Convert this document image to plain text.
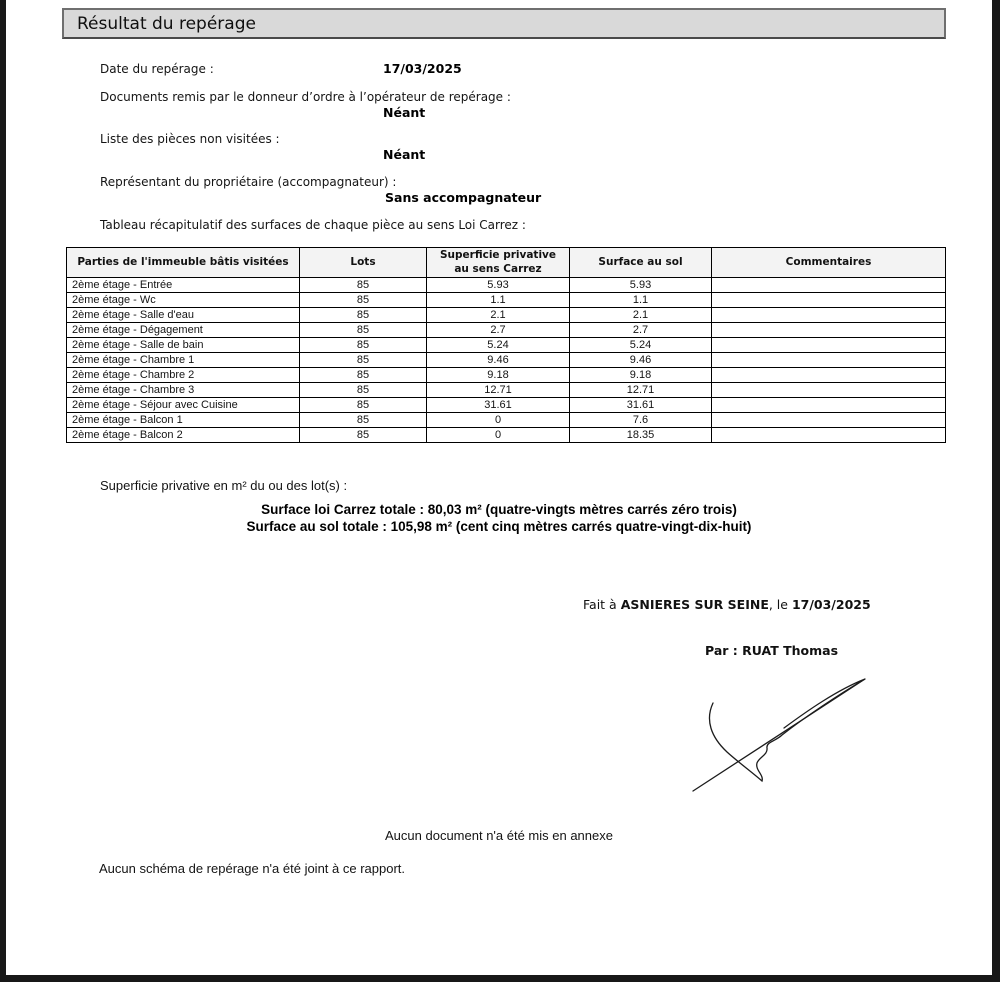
Résultat du repérage
Date du repérage :	17/03/2025
Documents remis par le donneur d’ordre à l’opérateur de repérage :
Néant
Liste des pièces non visitées :
Néant
Représentant du propriétaire (accompagnateur) :
Sans accompagnateur
Tableau récapitulatif des surfaces de chaque pièce au sens Loi Carrez :
Parties de l'immeuble bâtis visitées	Lots	Superficie privative au sens Carrez	Surface au sol	Commentaires
2ème étage - Entrée	85	5.93	5.93	
2ème étage - Wc	85	1.1	1.1	
2ème étage - Salle d'eau	85	2.1	2.1	
2ème étage - Dégagement	85	2.7	2.7	
2ème étage - Salle de bain	85	5.24	5.24	
2ème étage - Chambre 1	85	9.46	9.46	
2ème étage - Chambre 2	85	9.18	9.18	
2ème étage - Chambre 3	85	12.71	12.71	
2ème étage - Séjour avec Cuisine	85	31.61	31.61	
2ème étage - Balcon 1	85	0	7.6	
2ème étage - Balcon 2	85	0	18.35	
Superficie privative en m² du ou des lot(s) :
Surface loi Carrez totale : 80,03 m² (quatre-vingts mètres carrés zéro trois)
Surface au sol totale : 105,98 m² (cent cinq mètres carrés quatre-vingt-dix-huit)
Fait à ASNIERES SUR SEINE, le 17/03/2025
Par : RUAT Thomas
Aucun document n'a été mis en annexe
Aucun schéma de repérage n'a été joint à ce rapport.
